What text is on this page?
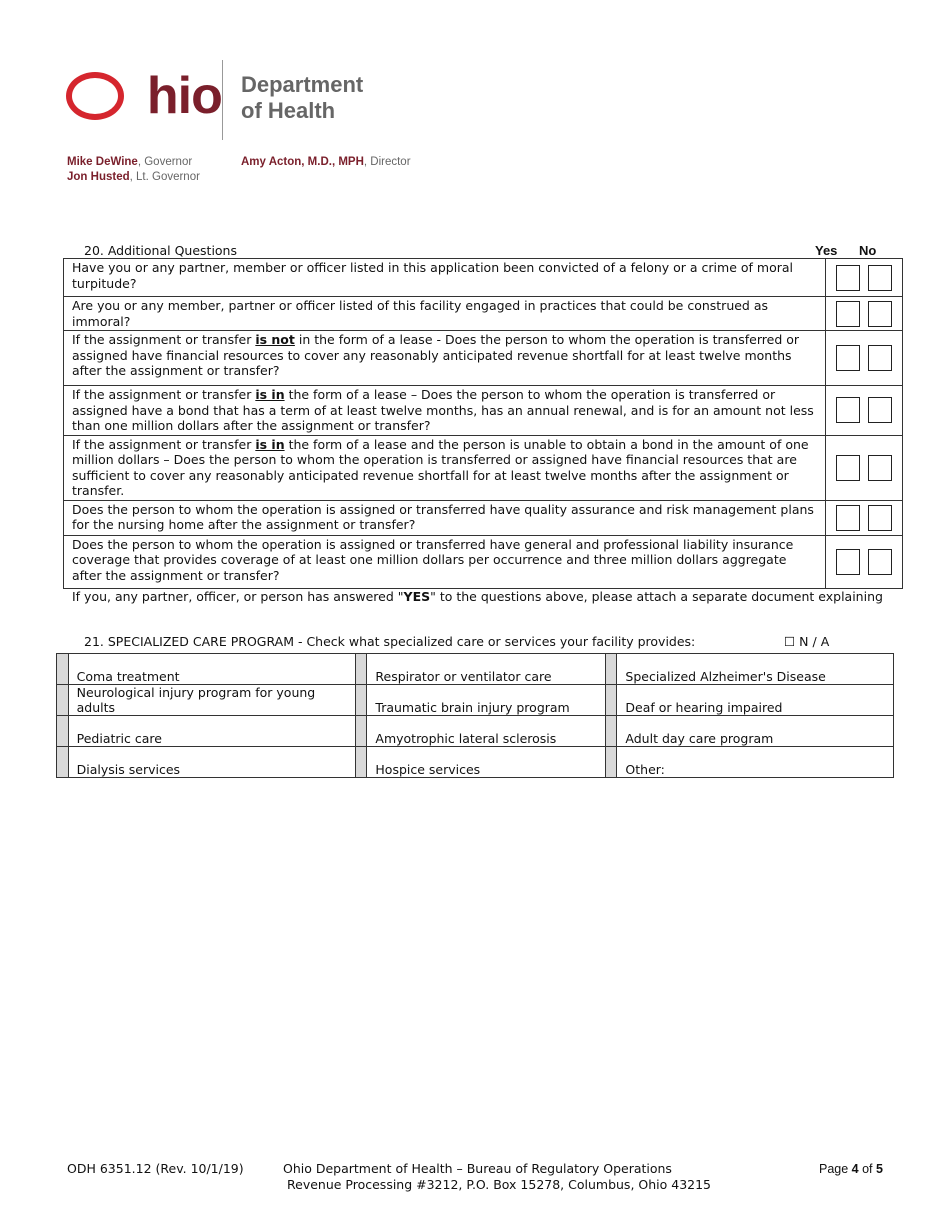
hio Department
of Health
Mike DeWine, Governor
Jon Husted, Lt. Governor
Amy Acton, M.D., MPH, Director
20. Additional Questions	Yes No
Have you or any partner, member or officer listed in this application been convicted of a felony or a crime of moral turpitude?	

Are you or any member, partner or officer listed of this facility engaged in practices that could be construed as immoral?	

If the assignment or transfer is not in the form of a lease - Does the person to whom the operation is transferred or assigned have financial resources to cover any reasonably anticipated revenue shortfall for at least twelve months after the assignment or transfer?	

If the assignment or transfer is in the form of a lease – Does the person to whom the operation is transferred or assigned have a bond that has a term of at least twelve months, has an annual renewal, and is for an amount not less than one million dollars after the assignment or transfer?	

If the assignment or transfer is in the form of a lease and the person is unable to obtain a bond in the amount of one million dollars – Does the person to whom the operation is transferred or assigned have financial resources that are sufficient to cover any reasonably anticipated revenue shortfall for at least twelve months after the assignment or transfer.	

Does the person to whom the operation is assigned or transferred have quality assurance and risk management plans for the nursing home after the assignment or transfer?	

Does the person to whom the operation is assigned or transferred have general and professional liability insurance coverage that provides coverage of at least one million dollars per occurrence and three million dollars aggregate after the assignment or transfer?	
If you, any partner, officer, or person has answered "YES" to the questions above, please attach a separate document explaining
21. SPECIALIZED CARE PROGRAM - Check what specialized care or services your facility provides:	☐ N / A
	Coma treatment		Respirator or ventilator care		Specialized Alzheimer's Disease
	Neurological injury program for young adults		Traumatic brain injury program		Deaf or hearing impaired
	Pediatric care		Amyotrophic lateral sclerosis		Adult day care program
	Dialysis services		Hospice services		Other:
ODH 6351.12 (Rev. 10/1/19)	Ohio Department of Health – Bureau of Regulatory Operations
Revenue Processing #3212, P.O. Box 15278, Columbus, Ohio 43215
Page 4 of 5
